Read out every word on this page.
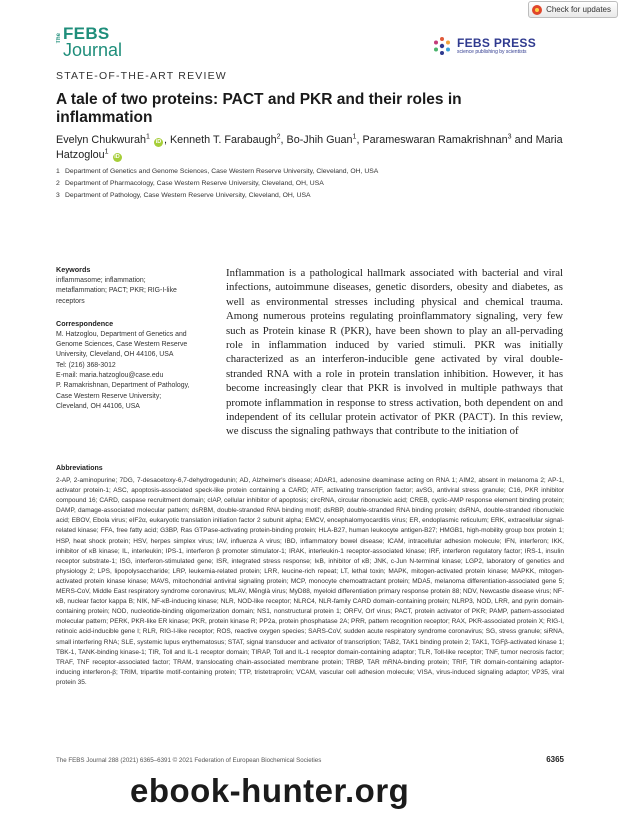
Check for updates
The FEBS
Journal	FEBS PRESS
science publishing by scientists
STATE-OF-THE-ART REVIEW
A tale of two proteins: PACT and PKR and their roles in inflammation
Evelyn Chukwurah$^1$ iD , Kenneth T. Farabaugh$^2$, Bo-Jhih Guan$^1$, Parameswaran Ramakrishnan$^3$ and Maria Hatzoglou$^1$ iD
1 Department of Genetics and Genome Sciences, Case Western Reserve University, Cleveland, OH, USA
2 Department of Pharmacology, Case Western Reserve University, Cleveland, OH, USA
3 Department of Pathology, Case Western Reserve University, Cleveland, OH, USA
Keywords
inflammasome; inflammation;
metaflammation; PACT; PKR; RIG-I-like
receptors
Correspondence
M. Hatzoglou, Department of Genetics and
Genome Sciences, Case Western Reserve
University, Cleveland, OH 44106, USA
Tel: (216) 368-3012
E-mail: maria.hatzoglou@case.edu
P. Ramakrishnan, Department of Pathology,
Case Western Reserve University;
Cleveland, OH 44106, USA
Inflammation is a pathological hallmark associated with bacterial and viral infections, autoimmune diseases, genetic disorders, obesity and diabetes, as well as environmental stresses including physical and chemical trauma. Among numerous proteins regulating proinflammatory signaling, very few such as Protein kinase R (PKR), have been shown to play an all-pervading role in inflammation induced by varied stimuli. PKR was initially characterized as an interferon-inducible gene activated by viral double-stranded RNA with a role in protein translation inhibition. However, it has become increasingly clear that PKR is involved in multiple pathways that promote inflammation in response to stress activation, both dependent on and independent of its cellular protein activator of PKR (PACT). In this review, we discuss the signaling pathways that contribute to the initiation of
Abbreviations

2-AP, 2-aminopurine; 7DG, 7-desacetoxy-6,7-dehydrogedunin; AD, Alzheimer's disease; ADAR1, adenosine deaminase acting on RNA 1; AIM2, absent in melanoma 2; AP-1, activator protein-1; ASC, apoptosis-associated speck-like protein containing a CARD; ATF, activating transcription factor; avSG, antiviral stress granule; C16, PKR inhibitor compound 16; CARD, caspase recruitment domain; cIAP, cellular inhibitor of apoptosis; circRNA, circular ribonucleic acid; CREB, cyclic-AMP response element binding protein; DAMP, damage-associated molecular pattern; dsRBM, double-stranded RNA binding motif; dsRBP, double-stranded RNA binding protein; dsRNA, double-stranded ribonucleic acid; EBOV, Ebola virus; eIF2α, eukaryotic translation initiation factor 2 subunit alpha; EMCV, encephalomyocarditis virus; ER, endoplasmic reticulum; ERK, extracellular signal-related kinase; FFA, free fatty acid; G3BP, Ras GTPase-activating protein-binding protein; HLA-B27, human leukocyte antigen-B27; HMGB1, high-mobility group box protein 1; HSP, heat shock protein; HSV, herpes simplex virus; IAV, influenza A virus; IBD, inflammatory bowel disease; ICAM, intracellular adhesion molecule; IFN, interferon; IKK, inhibitor of κB kinase; IL, interleukin; IPS-1, interferon β promoter stimulator-1; IRAK, interleukin-1 receptor-associated kinase; IRF, interferon regulatory factor; IRS-1, insulin receptor substrate-1; ISG, interferon-stimulated gene; ISR, integrated stress response; IκB, inhibitor of κB; JNK, c-Jun N-terminal kinase; LGP2, laboratory of genetics and physiology 2; LPS, lipopolysaccharide; LRP, leukemia-related protein; LRR, leucine-rich repeat; LT, lethal toxin; MAPK, mitogen-activated protein kinase; MAPKK, mitogen-activated protein kinase kinase; MAVS, mitochondrial antiviral signaling protein; MCP, monocyte chemoattractant protein; MDA5, melanoma differentiation-associated gene 5; MERS-CoV, Middle East respiratory syndrome coronavirus; MLAV, Mĕnglà virus; MyD88, myeloid differentiation primary response protein 88; NDV, Newcastle disease virus; NF-κB, nuclear factor kappa B; NIK, NF-κB-inducing kinase; NLR, NOD-like receptor; NLRC4, NLR-family CARD domain-containing protein; NLRP3, NOD, LRR, and pyrin domain-containing protein; NOD, nucleotide-binding oligomerization domain; NS1, nonstructural protein 1; ORFV, Orf virus; PACT, protein activator of PKR; PAMP, pattern-associated molecular pattern; PERK, PKR-like ER kinase; PKR, protein kinase R; PP2a, protein phosphatase 2A; PRR, pattern recognition receptor; RAX, PKR-associated protein X; RIG-I, retinoic acid-inducible gene I; RLR, RIG-I-like receptor; ROS, reactive oxygen species; SARS-CoV, sudden acute respiratory syndrome coronavirus; SG, stress granule; siRNA, small interfering RNA; SLE, systemic lupus erythematosus; STAT, signal transducer and activator of transcription; TAB2, TAK1 binding protein 2; TAK1, TGFβ-activated kinase 1; TBK-1, TANK-binding kinase-1; TIR, Toll and IL-1 receptor domain; TIRAP, Toll and IL-1 receptor domain-containing adaptor; TLR, Toll-like receptor; TNF, tumor necrosis factor; TRAF, TNF receptor-associated factor; TRAM, translocating chain-associated membrane protein; TRBP, TAR mRNA-binding protein; TRIF, TIR domain-containing adaptor-inducing interferon-β; TRIM, tripartite motif-containing protein; TTP, tristetraprolin; VCAM, vascular cell adhesion molecule; VISA, virus-induced signaling adaptor; VP35, viral protein 35.

The FEBS Journal 288 (2021) 6365–6391 © 2021 Federation of European Biochemical Societies	6365
ebook-hunter.org
